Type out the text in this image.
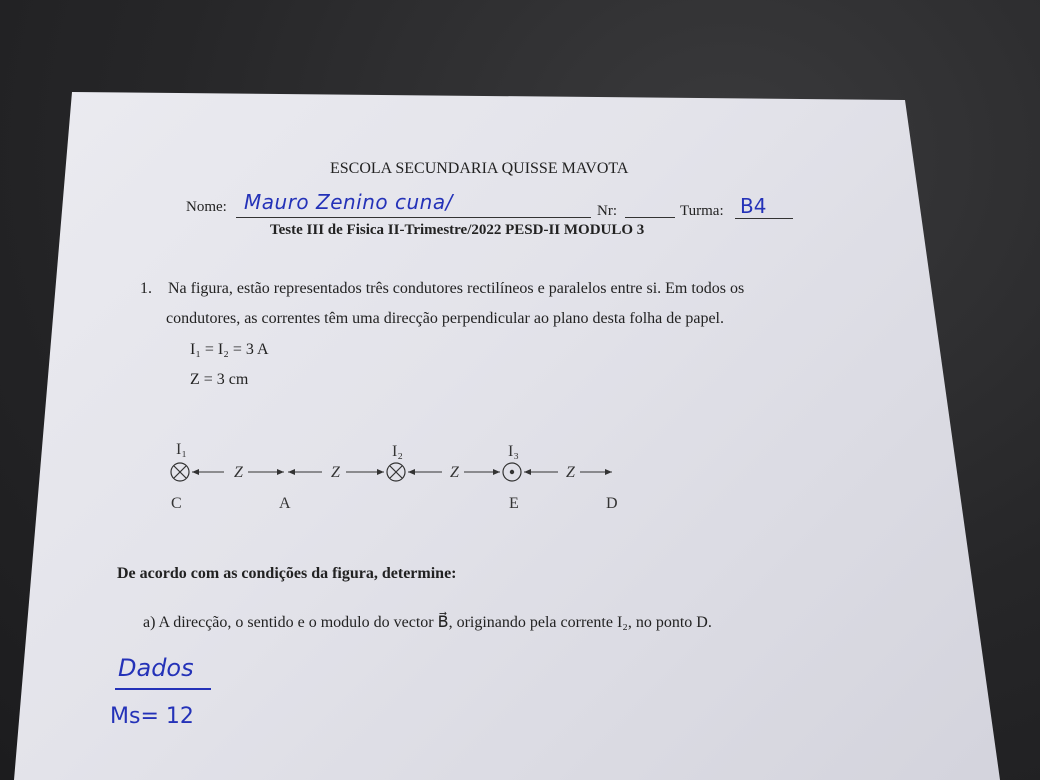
ESCOLA SECUNDARIA QUISSE MAVOTA
Nome: Mauro Zenino cuna/	Nr:	Turma: B4
Teste III de Fisica II-Trimestre/2022 PESD-II MODULO 3
1. Na figura, estão representados três condutores rectilíneos e paralelos entre si. Em todos os
condutores, as correntes têm uma direcção perpendicular ao plano desta folha de papel.
I₁ = I₂ = 3 A
Z = 3 cm
I₁	I₂	I₃
Z	Z	Z	Z
C	A	E	D
De acordo com as condições da figura, determine:
a) A direcção, o sentido e o modulo do vector B⃗, originando pela corrente I₂, no ponto D.
Dados
Ms= 12
